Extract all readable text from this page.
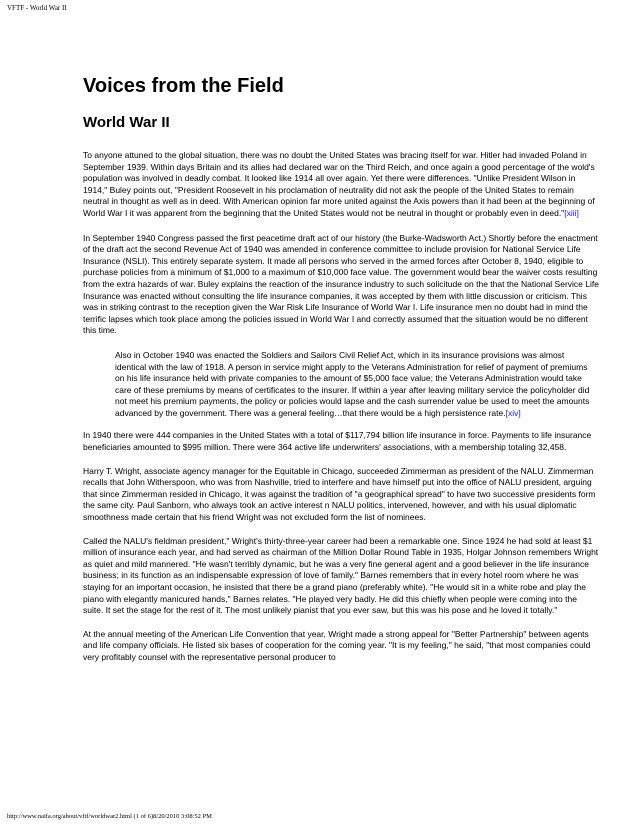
VFTF - World War II
Voices from the Field
World War II

To anyone attuned to the global situation, there was no doubt the United States was bracing itself for war. Hitler had invaded Poland in September 1939. Within days Britain and its allies had declared war on the Third Reich, and once again a good percentage of the wold's population was involved in deadly combat. It looked like 1914 all over again. Yet there were differences. "Unlike President Wilson in 1914," Buley points out, "President Roosevelt in his proclamation of neutrality did not ask the people of the United States to remain neutral in thought as well as in deed. With American opinion far more united against the Axis powers than it had been at the beginning of World War I it was apparent from the beginning that the United States would not be neutral in thought or probably even in deed."[xiii]

In September 1940 Congress passed the first peacetime draft act of our history (the Burke-Wadsworth Act.) Shortly before the enactment of the draft act the second Revenue Act of 1940 was amended in conference committee to include provision for National Service Life Insurance (NSLI). This entirely separate system. It made all persons who served in the armed forces after October 8, 1940, eligible to purchase policies from a minimum of $1,000 to a maximum of $10,000 face value. The government would bear the waiver costs resulting from the extra hazards of war. Buley explains the reaction of the insurance industry to such solicitude on the that the National Service Life Insurance was enacted without consulting the life insurance companies, it was accepted by them with little discussion or criticism. This was in striking contrast to the reception given the War Risk Life Insurance of World War I. Life insurance men no doubt had in mind the terrific lapses which took place among the policies issued in World War I and correctly assumed that the situation would be no different this time.

Also in October 1940 was enacted the Soldiers and Sailors Civil Relief Act, which in its insurance provisions was almost identical with the law of 1918. A person in service might apply to the Veterans Administration for relief of payment of premiums on his life insurance held with private companies to the amount of $5,000 face value; the Veterans Administration would take care of these premiums by means of certificates to the insurer. If within a year after leaving military service the policyholder did not meet his premium payments, the policy or policies would lapse and the cash surrender value be used to meet the amounts advanced by the government. There was a general feeling…that there would be a high persistence rate.[xiv]

In 1940 there were 444 companies in the United States with a total of $117,794 billion life insurance in force. Payments to life insurance beneficiaries amounted to $995 million. There were 364 active life underwriters' associations, with a membership totaling 32,458.

Harry T. Wright, associate agency manager for the Equitable in Chicago, succeeded Zimmerman as president of the NALU. Zimmerman recalls that John Witherspoon, who was from Nashville, tried to interfere and have himself put into the office of NALU president, arguing that since Zimmerman resided in Chicago, it was against the tradition of "a geographical spread" to have two successive presidents form the same city. Paul Sanborn, who always took an active interest n NALU politics, intervened, however, and with his usual diplomatic smoothness made certain that his friend Wright was not excluded form the list of nominees.

Called the NALU's fieldman president," Wright's thirty-three-year career had been a remarkable one. Since 1924 he had sold at least $1 million of insurance each year, and had served as chairman of the Million Dollar Round Table in 1935, Holgar Johnson remembers Wright as quiet and mild mannered. "He wasn't terribly dynamic, but he was a very fine general agent and a good believer in the life insurance business; in its function as an indispensable expression of love of family." Barnes remembers that in every hotel room where he was staying for an important occasion, he insisted that there be a grand piano (preferably white). "He would sit in a white robe and play the piano with elegantly manicured hands," Barnes relates. "He played very badly. He did this chiefly when people were coming into the suite. It set the stage for the rest of it. The most unlikely pianist that you ever saw, but this was his pose and he loved it totally."

At the annual meeting of the American Life Convention that year, Wright made a strong appeal for "Better Partnership" between agents and life company officials. He listed six bases of cooperation for the coming year. "It is my feeling," he said, "that most companies could very profitably counsel with the representative personal producer to

http://www.naifa.org/about/vftf/worldwar2.html (1 of 6)8/20/2010 3:08:52 PM
